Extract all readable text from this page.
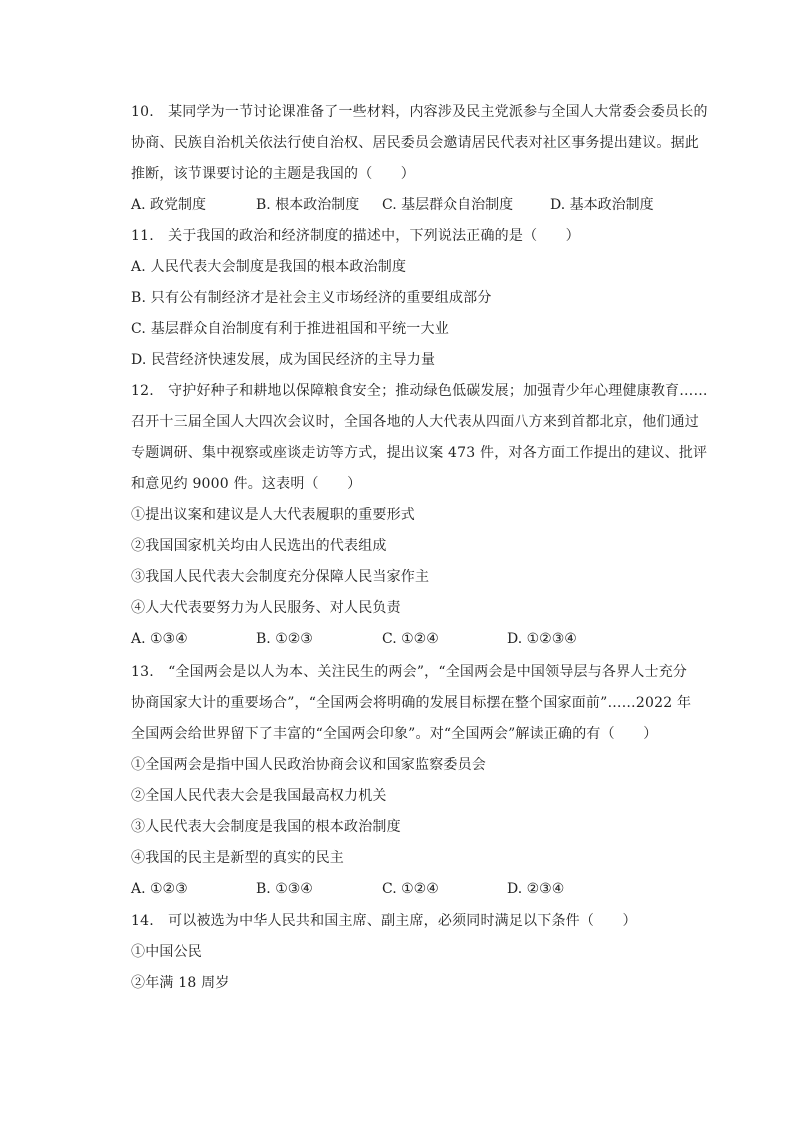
10.　某同学为一节讨论课准备了一些材料，内容涉及民主党派参与全国人大常委会委员长的
协商、民族自治机关依法行使自治权、居民委员会邀请居民代表对社区事务提出建议。据此
推断，该节课要讨论的主题是我国的（　　）
A. 政党制度	B. 根本政治制度 C. 基层群众自治制度	D. 基本政治制度
11.　关于我国的政治和经济制度的描述中，下列说法正确的是（　　）
A. 人民代表大会制度是我国的根本政治制度
B. 只有公有制经济才是社会主义市场经济的重要组成部分
C. 基层群众自治制度有利于推进祖国和平统一大业
D. 民营经济快速发展，成为国民经济的主导力量
12.　守护好种子和耕地以保障粮食安全；推动绿色低碳发展；加强青少年心理健康教育……
召开十三届全国人大四次会议时，全国各地的人大代表从四面八方来到首都北京，他们通过
专题调研、集中视察或座谈走访等方式，提出议案 473 件，对各方面工作提出的建议、批评
和意见约 9000 件。这表明（　　）
①提出议案和建议是人大代表履职的重要形式
②我国国家机关均由人民选出的代表组成
③我国人民代表大会制度充分保障人民当家作主
④人大代表要努力为人民服务、对人民负责
A. ①③④	B. ①②③	C. ①②④	D. ①②③④
13.　“全国两会是以人为本、关注民生的两会”，“全国两会是中国领导层与各界人士充分
协商国家大计的重要场合”，“全国两会将明确的发展目标摆在整个国家面前”……2022 年
全国两会给世界留下了丰富的“全国两会印象”。对“全国两会”解读正确的有（　　）
①全国两会是指中国人民政治协商会议和国家监察委员会
②全国人民代表大会是我国最高权力机关
③人民代表大会制度是我国的根本政治制度
④我国的民主是新型的真实的民主
A. ①②③	B. ①③④	C. ①②④	D. ②③④
14.　可以被选为中华人民共和国主席、副主席，必须同时满足以下条件（　　）
①中国公民
②年满 18 周岁
